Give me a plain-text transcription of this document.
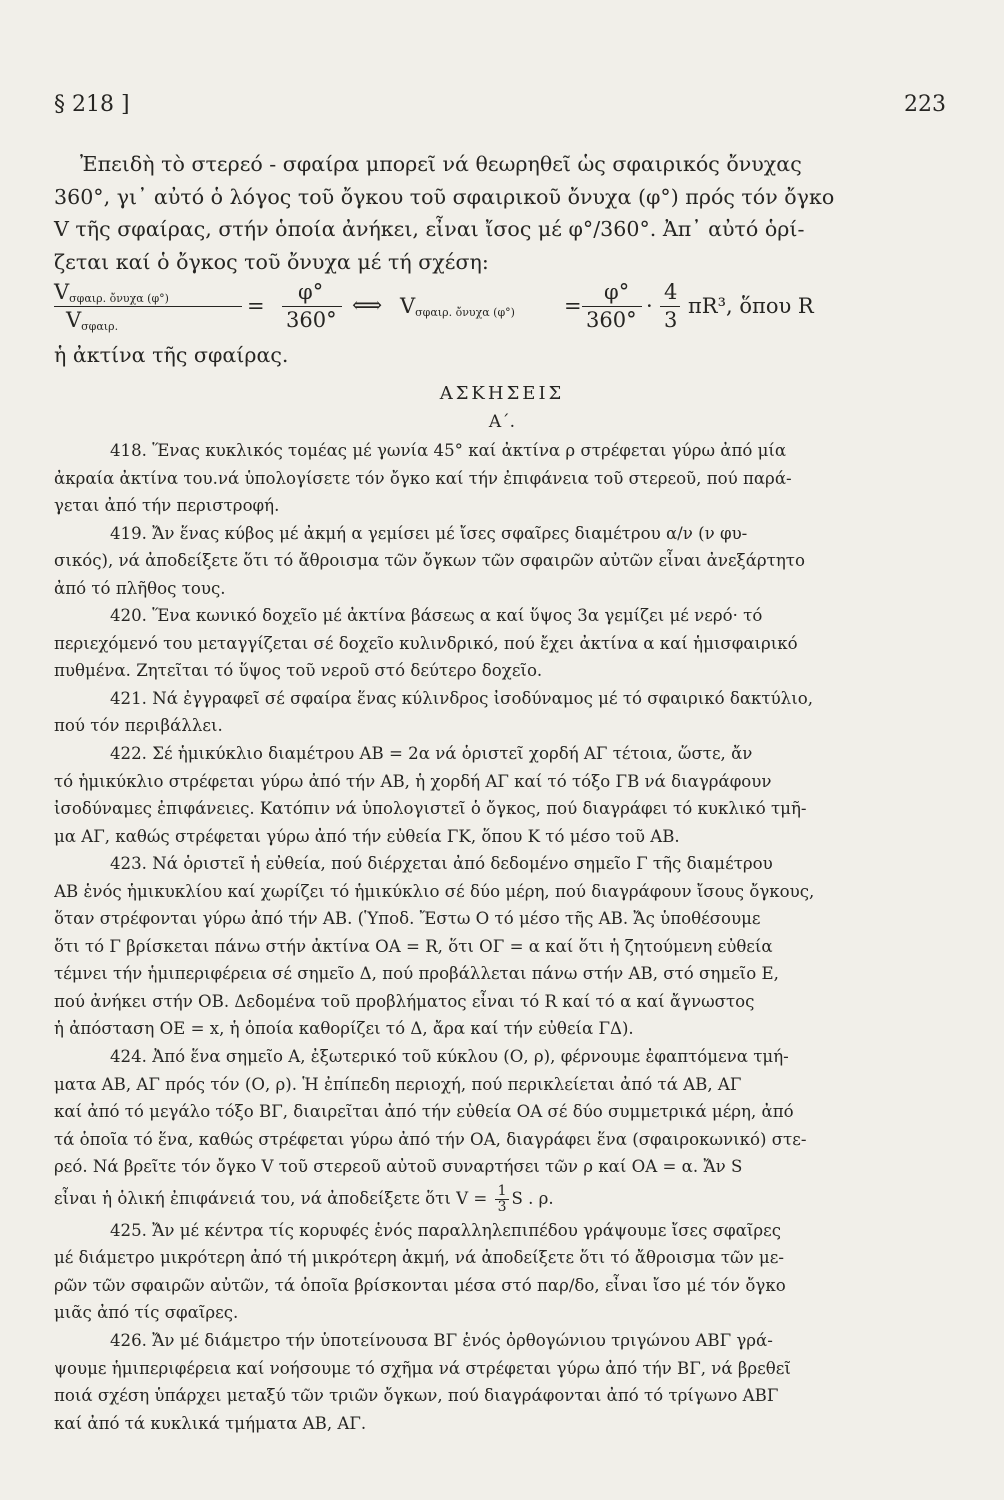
§ 218 ]	223
Ἐπειδὴ τὸ στερεό - σφαίρα μπορεῖ νά θεωρηθεῖ ὡς σφαιρικός ὄνυχας
360°, γι᾽ αὐτό ὁ λόγος τοῦ ὄγκου τοῦ σφαιρικοῦ ὄνυχα (φ°) πρός τόν ὄγκο
V τῆς σφαίρας, στήν ὁποία ἀνήκει, εἶναι ἴσος μέ φ°/360°. Ἀπ᾽ αὐτό ὁρί-
ζεται καί ὁ ὄγκος τοῦ ὄνυχα μέ τή σχέση:
$V_{\sigma\varphi\alpha\iota\rho. ὄ\nu\upsilon\chi\alpha (\varphi^\circ)}$
$V_{\sigma\varphi\alpha\iota\rho.}$
=
φ°
360°
⟺ $V_{\sigma\varphi\alpha\iota\rho. ὄ\nu\upsilon\chi\alpha (\varphi^\circ)}$ =
φ°
360°
·
4
3
πR³, ὅπου R
ἡ ἀκτίνα τῆς σφαίρας.
ΑΣΚΗΣΕΙΣ
Α΄.
418. Ἕνας κυκλικός τομέας μέ γωνία 45° καί ἀκτίνα ρ στρέφεται γύρω ἀπό μία
ἀκραία ἀκτίνα του.νά ὑπολογίσετε τόν ὄγκο καί τήν ἐπιφάνεια τοῦ στερεοῦ, πού παρά-
γεται ἀπό τήν περιστροφή.
419. Ἄν ἕνας κύβος μέ ἀκμή α γεμίσει μέ ἴσες σφαῖρες διαμέτρου α/ν (ν φυ-
σικός), νά ἀποδείξετε ὅτι τό ἄθροισμα τῶν ὄγκων τῶν σφαιρῶν αὐτῶν εἶναι ἀνεξάρτητο
ἀπό τό πλῆθος τους.
420. Ἕνα κωνικό δοχεῖο μέ ἀκτίνα βάσεως α καί ὕψος 3α γεμίζει μέ νερό· τό
περιεχόμενό του μεταγγίζεται σέ δοχεῖο κυλινδρικό, πού ἔχει ἀκτίνα α καί ἡμισφαιρικό
πυθμένα. Ζητεῖται τό ὕψος τοῦ νεροῦ στό δεύτερο δοχεῖο.
421. Νά ἐγγραφεῖ σέ σφαίρα ἕνας κύλινδρος ἰσοδύναμος μέ τό σφαιρικό δακτύλιο,
πού τόν περιβάλλει.
422. Σέ ἡμικύκλιο διαμέτρου ΑΒ = 2α νά ὁριστεῖ χορδή ΑΓ τέτοια, ὥστε, ἄν
τό ἡμικύκλιο στρέφεται γύρω ἀπό τήν ΑΒ, ἡ χορδή ΑΓ καί τό τόξο ΓΒ νά διαγράφουν
ἰσοδύναμες ἐπιφάνειες. Κατόπιν νά ὑπολογιστεῖ ὁ ὄγκος, πού διαγράφει τό κυκλικό τμῆ-
μα ΑΓ, καθώς στρέφεται γύρω ἀπό τήν εὐθεία ΓΚ, ὅπου Κ τό μέσο τοῦ ΑΒ.
423. Νά ὁριστεῖ ἡ εὐθεία, πού διέρχεται ἀπό δεδομένο σημεῖο Γ τῆς διαμέτρου
ΑΒ ἑνός ἡμικυκλίου καί χωρίζει τό ἡμικύκλιο σέ δύο μέρη, πού διαγράφουν ἴσους ὄγκους,
ὅταν στρέφονται γύρω ἀπό τήν ΑΒ. (Ὑποδ. Ἔστω Ο τό μέσο τῆς ΑΒ. Ἄς ὑποθέσουμε
ὅτι τό Γ βρίσκεται πάνω στήν ἀκτίνα ΟΑ = R, ὅτι ΟΓ = α καί ὅτι ἡ ζητούμενη εὐθεία
τέμνει τήν ἡμιπεριφέρεια σέ σημεῖο Δ, πού προβάλλεται πάνω στήν ΑΒ, στό σημεῖο Ε,
πού ἀνήκει στήν ΟΒ. Δεδομένα τοῦ προβλήματος εἶναι τό R καί τό α καί ἄγνωστος
ἡ ἀπόσταση ΟΕ = x, ἡ ὁποία καθορίζει τό Δ, ἄρα καί τήν εὐθεία ΓΔ).
424. Ἀπό ἕνα σημεῖο Α, ἐξωτερικό τοῦ κύκλου (Ο, ρ), φέρνουμε ἐφαπτόμενα τμή-
ματα ΑΒ, ΑΓ πρός τόν (Ο, ρ). Ἡ ἐπίπεδη περιοχή, πού περικλείεται ἀπό τά ΑΒ, ΑΓ
καί ἀπό τό μεγάλο τόξο ΒΓ, διαιρεῖται ἀπό τήν εὐθεία ΟΑ σέ δύο συμμετρικά μέρη, ἀπό
τά ὁποῖα τό ἕνα, καθώς στρέφεται γύρω ἀπό τήν ΟΑ, διαγράφει ἕνα (σφαιροκωνικό) στε-
ρεό. Νά βρεῖτε τόν ὄγκο V τοῦ στερεοῦ αὐτοῦ συναρτήσει τῶν ρ καί ΟΑ = α. Ἄν S
εἶναι ἡ ὁλική ἐπιφάνειά του, νά ἀποδείξετε ὅτι $V = \frac{1}{3}$ S . ρ.
425. Ἄν μέ κέντρα τίς κορυφές ἑνός παραλληλεπιπέδου γράψουμε ἴσες σφαῖρες
μέ διάμετρο μικρότερη ἀπό τή μικρότερη ἀκμή, νά ἀποδείξετε ὅτι τό ἄθροισμα τῶν με-
ρῶν τῶν σφαιρῶν αὐτῶν, τά ὁποῖα βρίσκονται μέσα στό παρ/δο, εἶναι ἴσο μέ τόν ὄγκο
μιᾶς ἀπό τίς σφαῖρες.
426. Ἄν μέ διάμετρο τήν ὑποτείνουσα ΒΓ ἑνός ὀρθογώνιου τριγώνου ΑΒΓ γρά-
ψουμε ἡμιπεριφέρεια καί νοήσουμε τό σχῆμα νά στρέφεται γύρω ἀπό τήν ΒΓ, νά βρεθεῖ
ποιά σχέση ὑπάρχει μεταξύ τῶν τριῶν ὄγκων, πού διαγράφονται ἀπό τό τρίγωνο ΑΒΓ
καί ἀπό τά κυκλικά τμήματα ΑΒ, ΑΓ.
